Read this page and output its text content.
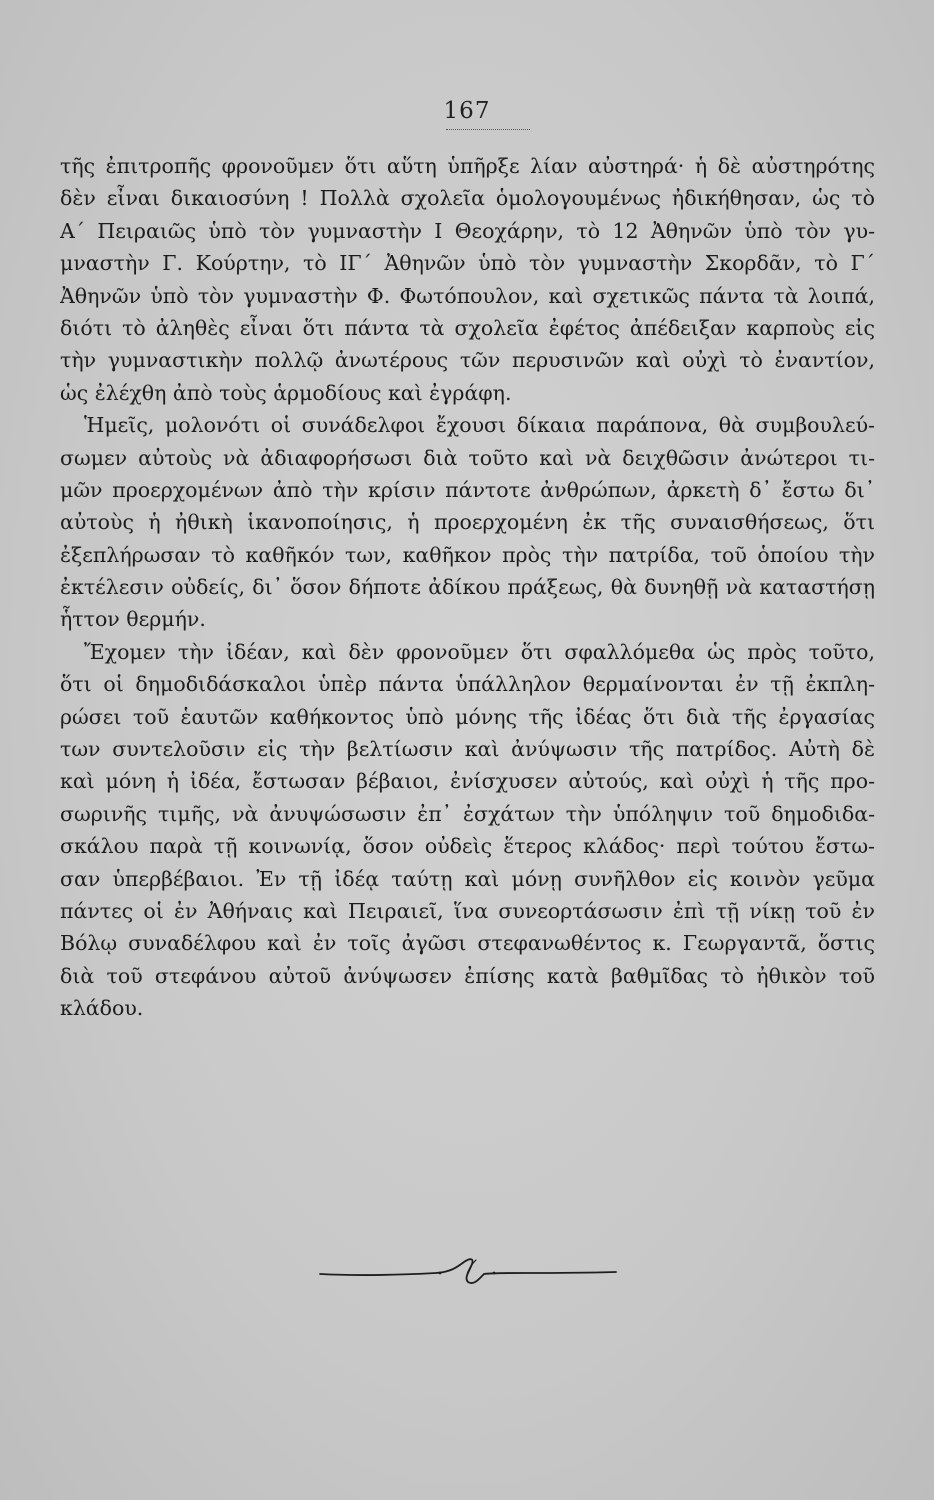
167
τῆς ἐπιτροπῆς φρονοῦμεν ὅτι αὕτη ὑπῆρξε λίαν αὐστηρά· ἡ δὲ αὐστηρότης
δὲν εἶναι δικαιοσύνη ! Πολλὰ σχολεῖα ὁμολογουμένως ἠδικήθησαν, ὡς τὸ
Α΄ Πειραιῶς ὑπὸ τὸν γυμναστὴν Ι Θεοχάρην, τὸ 12 Ἀθηνῶν ὑπὸ τὸν γυ-
μναστὴν Γ. Κούρτην, τὸ ΙΓ΄ Ἀθηνῶν ὑπὸ τὸν γυμναστὴν Σκορδᾶν, τὸ Γ΄
Ἀθηνῶν ὑπὸ τὸν γυμναστὴν Φ. Φωτόπουλον, καὶ σχετικῶς πάντα τὰ λοιπά,
διότι τὸ ἀληθὲς εἶναι ὅτι πάντα τὰ σχολεῖα ἐφέτος ἀπέδειξαν καρποὺς εἰς
τὴν γυμναστικὴν πολλῷ ἀνωτέρους τῶν περυσινῶν καὶ οὐχὶ τὸ ἐναντίον,
ὡς ἐλέχθη ἀπὸ τοὺς ἁρμοδίους καὶ ἐγράφη.
Ἡμεῖς, μολονότι οἱ συνάδελφοι ἔχουσι δίκαια παράπονα, θὰ συμβουλεύ-
σωμεν αὐτοὺς νὰ ἀδιαφορήσωσι διὰ τοῦτο καὶ νὰ δειχθῶσιν ἀνώτεροι τι-
μῶν προερχομένων ἀπὸ τὴν κρίσιν πάντοτε ἀνθρώπων, ἀρκετὴ δ᾽ ἔστω δι᾽
αὐτοὺς ἡ ἠθικὴ ἱκανοποίησις, ἡ προερχομένη ἐκ τῆς συναισθήσεως, ὅτι
ἐξεπλήρωσαν τὸ καθῆκόν των, καθῆκον πρὸς τὴν πατρίδα, τοῦ ὁποίου τὴν
ἐκτέλεσιν οὐδείς, δι᾽ ὅσον δήποτε ἀδίκου πράξεως, θὰ δυνηθῇ νὰ καταστήσῃ
ἧττον θερμήν.
Ἔχομεν τὴν ἰδέαν, καὶ δὲν φρονοῦμεν ὅτι σφαλλόμεθα ὡς πρὸς τοῦτο,
ὅτι οἱ δημοδιδάσκαλοι ὑπὲρ πάντα ὑπάλληλον θερμαίνονται ἐν τῇ ἐκπλη-
ρώσει τοῦ ἑαυτῶν καθήκοντος ὑπὸ μόνης τῆς ἰδέας ὅτι διὰ τῆς ἐργασίας
των συντελοῦσιν εἰς τὴν βελτίωσιν καὶ ἀνύψωσιν τῆς πατρίδος. Αὐτὴ δὲ
καὶ μόνη ἡ ἰδέα, ἔστωσαν βέβαιοι, ἐνίσχυσεν αὐτούς, καὶ οὐχὶ ἡ τῆς προ-
σωρινῆς τιμῆς, νὰ ἀνυψώσωσιν ἐπ᾽ ἐσχάτων τὴν ὑπόληψιν τοῦ δημοδιδα-
σκάλου παρὰ τῇ κοινωνίᾳ, ὅσον οὐδεὶς ἕτερος κλάδος· περὶ τούτου ἔστω-
σαν ὑπερβέβαιοι. Ἐν τῇ ἰδέᾳ ταύτῃ καὶ μόνῃ συνῆλθον εἰς κοινὸν γεῦμα
πάντες οἱ ἐν Ἀθήναις καὶ Πειραιεῖ, ἵνα συνεορτάσωσιν ἐπὶ τῇ νίκῃ τοῦ ἐν
Βόλῳ συναδέλφου καὶ ἐν τοῖς ἀγῶσι στεφανωθέντος κ. Γεωργαντᾶ, ὅστις
διὰ τοῦ στεφάνου αὐτοῦ ἀνύψωσεν ἐπίσης κατὰ βαθμῖδας τὸ ἠθικὸν τοῦ
κλάδου.
